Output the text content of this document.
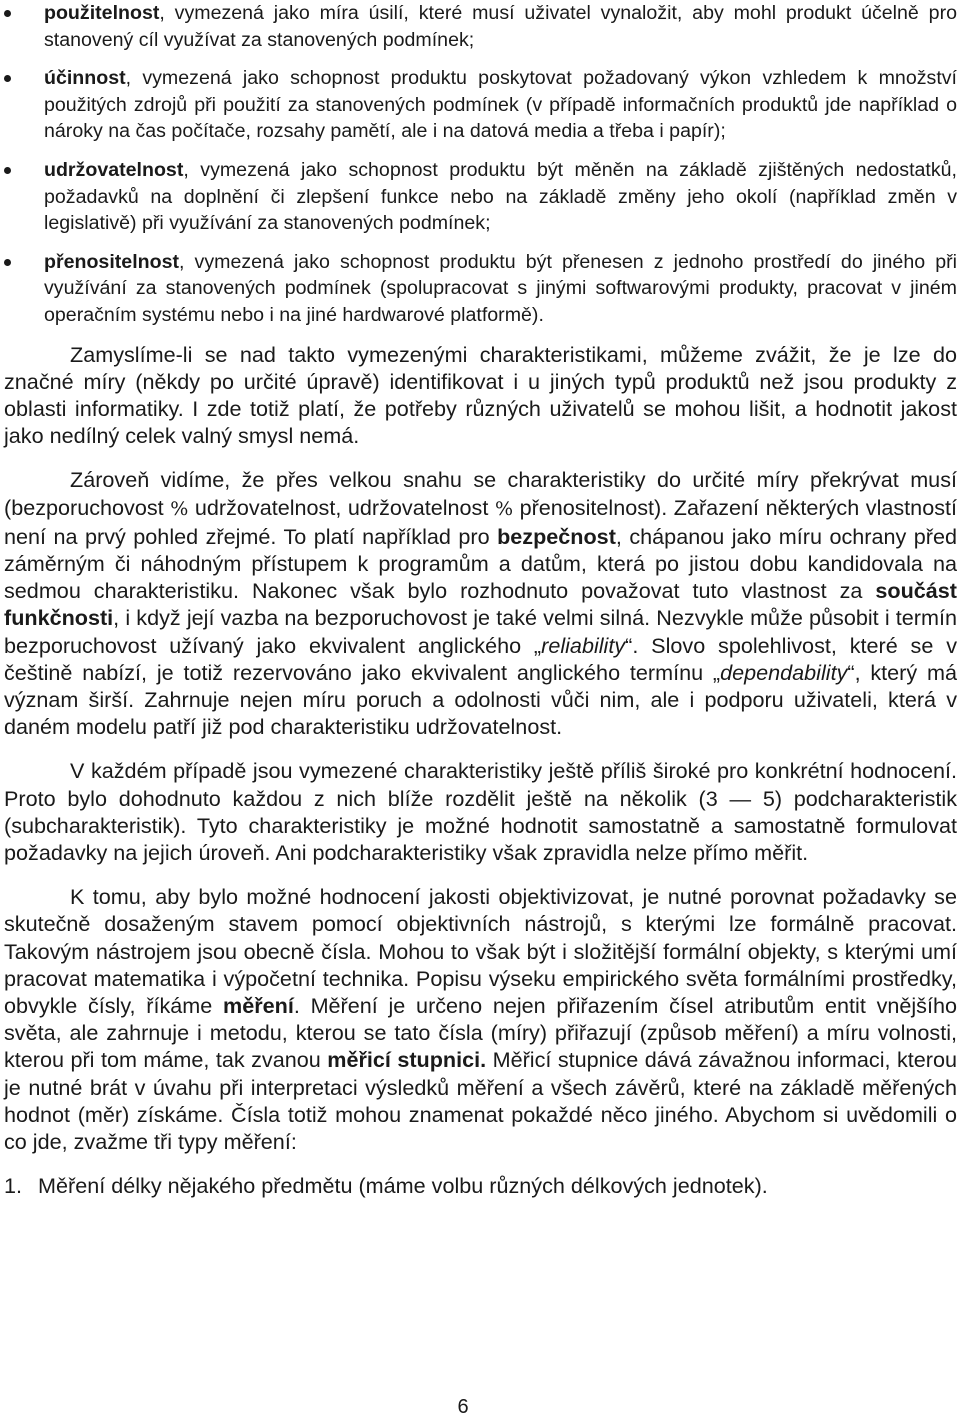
použitelnost, vymezená jako míra úsilí, které musí uživatel vynaložit, aby mohl produkt účelně pro stanovený cíl využívat za stanovených podmínek;
účinnost, vymezená jako schopnost produktu poskytovat požadovaný výkon vzhledem k množství použitých zdrojů při použití za stanovených podmínek (v případě informačních produktů jde například o nároky na čas počítače, rozsahy pamětí, ale i na datová media a třeba i papír);
udržovatelnost, vymezená jako schopnost produktu být měněn na základě zjištěných nedostatků, požadavků na doplnění či zlepšení funkce nebo na základě změny jeho okolí (například změn v legislativě) při využívání za stanovených podmínek;
přenositelnost, vymezená jako schopnost produktu být přenesen z jednoho prostředí do jiného při využívání za stanovených podmínek (spolupracovat s jinými softwarovými produkty, pracovat v jiném operačním systému nebo i na jiné hardwarové platformě).

Zamyslíme-li se nad takto vymezenými charakteristikami, můžeme zvážit, že je lze do značné míry (někdy po určité úpravě) identifikovat i u jiných typů produktů než jsou produkty z oblasti informatiky. I zde totiž platí, že potřeby různých uživatelů se mohou lišit, a hodnotit jakost jako nedílný celek valný smysl nemá.

Zároveň vidíme, že přes velkou snahu se charakteristiky do určité míry překrývat musí (bezporuchovost % udržovatelnost, udržovatelnost % přenositelnost). Zařazení některých vlastností není na prvý pohled zřejmé. To platí například pro bezpečnost, chápanou jako míru ochrany před záměrným či náhodným přístupem k programům a datům, která po jistou dobu kandidovala na sedmou charakteristiku. Nakonec však bylo rozhodnuto považovat tuto vlastnost za součást funkčnosti, i když její vazba na bezporuchovost je také velmi silná. Nezvykle může působit i termín bezporuchovost užívaný jako ekvivalent anglického „reliability“. Slovo spolehlivost, které se v češtině nabízí, je totiž rezervováno jako ekvivalent anglického termínu „dependability“, který má význam širší. Zahrnuje nejen míru poruch a odolnosti vůči nim, ale i podporu uživateli, která v daném modelu patří již pod charakteristiku udržovatelnost.

V každém případě jsou vymezené charakteristiky ještě příliš široké pro konkrétní hodnocení. Proto bylo dohodnuto každou z nich blíže rozdělit ještě na několik (3 — 5) podcharakteristik (subcharakteristik). Tyto charakteristiky je možné hodnotit samostatně a samostatně formulovat požadavky na jejich úroveň. Ani podcharakteristiky však zpravidla nelze přímo měřit.

K tomu, aby bylo možné hodnocení jakosti objektivizovat, je nutné porovnat požadavky se skutečně dosaženým stavem pomocí objektivních nástrojů, s kterými lze formálně pracovat. Takovým nástrojem jsou obecně čísla. Mohou to však být i složitější formální objekty, s kterými umí pracovat matematika i výpočetní technika. Popisu výseku empirického světa formálními prostředky, obvykle čísly, říkáme měření. Měření je určeno nejen přiřazením čísel atributům entit vnějšího světa, ale zahrnuje i metodu, kterou se tato čísla (míry) přiřazují (způsob měření) a míru volnosti, kterou při tom máme, tak zvanou měřicí stupnici. Měřicí stupnice dává závažnou informaci, kterou je nutné brát v úvahu při interpretaci výsledků měření a všech závěrů, které na základě měřených hodnot (měr) získáme. Čísla totiž mohou znamenat pokaždé něco jiného. Abychom si uvědomili o co jde, zvažme tři typy měření:

1. Měření délky nějakého předmětu (máme volbu různých délkových jednotek).
6
